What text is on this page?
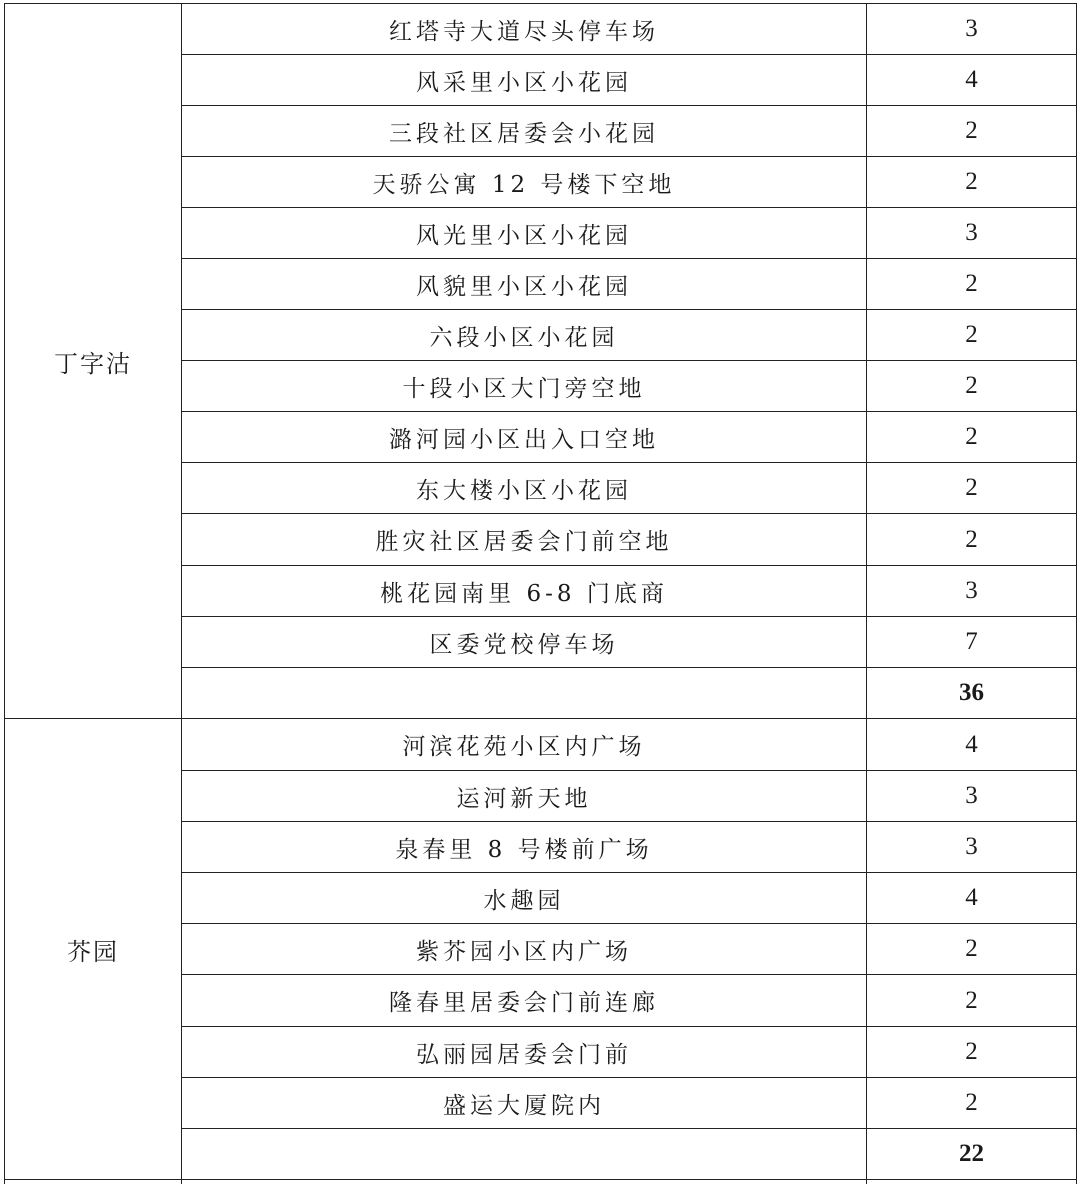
丁字沽	红塔寺大道尽头停车场	3
	风采里小区小花园	4
	三段社区居委会小花园	2
	天骄公寓 12 号楼下空地	2
	风光里小区小花园	3
	风貌里小区小花园	2
	六段小区小花园	2
	十段小区大门旁空地	2
	潞河园小区出入口空地	2
	东大楼小区小花园	2
	胜灾社区居委会门前空地	2
	桃花园南里 6-8 门底商	3
	区委党校停车场	7
		36
芥园	河滨花苑小区内广场	4
	运河新天地	3
	泉春里 8 号楼前广场	3
	水趣园	4
	紫芥园小区内广场	2
	隆春里居委会门前连廊	2
	弘丽园居委会门前	2
	盛运大厦院内	2
		22
